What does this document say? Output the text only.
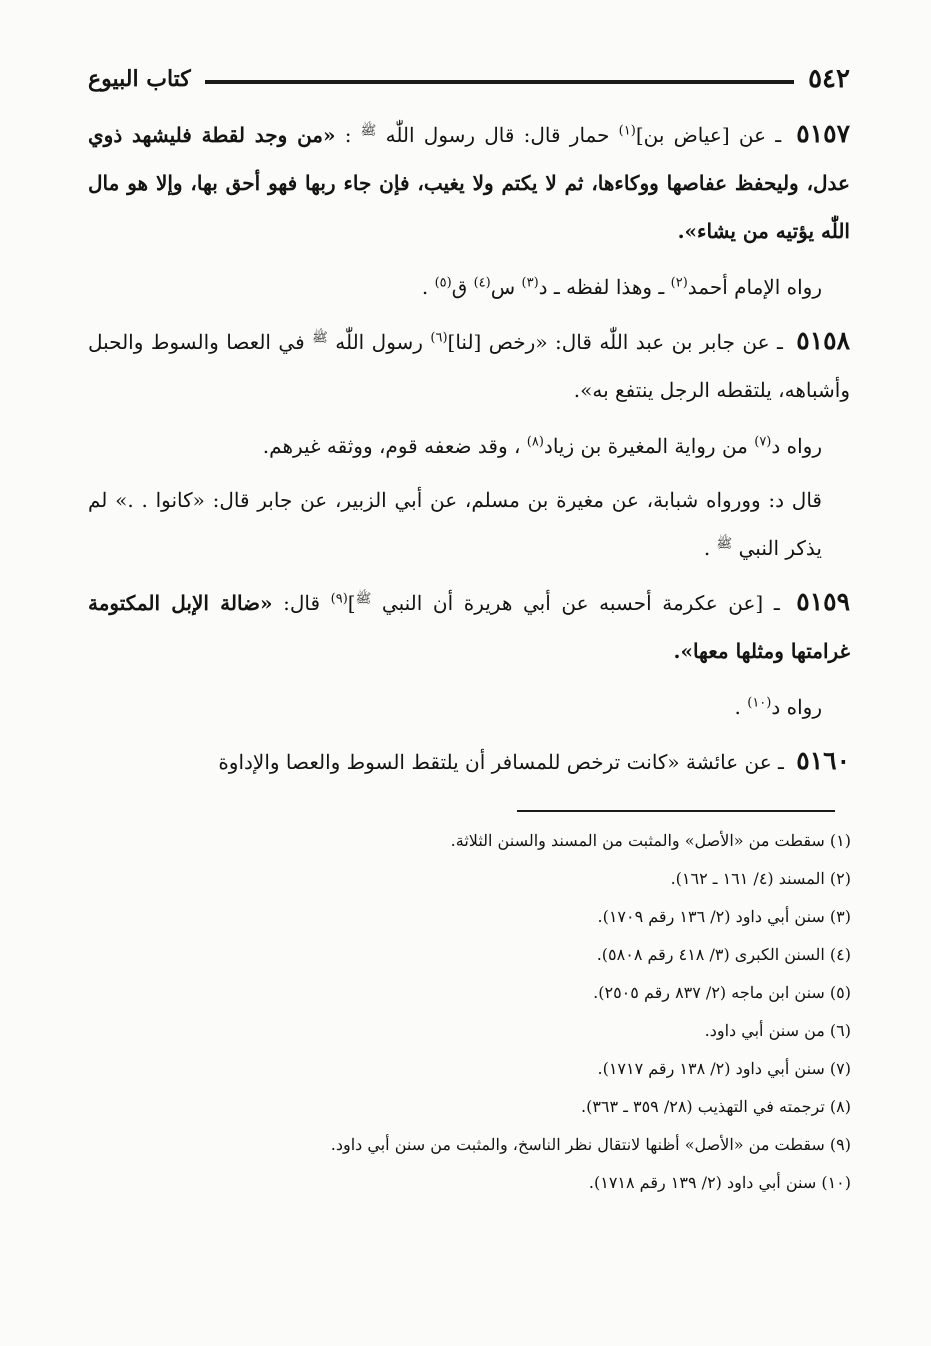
٥٤٢
كتاب البيوع

٥١٥٧ ـ عن [عياض بن]$^{(١)}$ حمار قال: قال رسول اللّٰه $^ﷺ$ : «من وجد لقطة فليشهد ذوي عدل، وليحفظ عفاصها ووكاءها، ثم لا يكتم ولا يغيب، فإن جاء ربها فهو أحق بها، وإلا هو مال اللّٰه يؤتيه من يشاء».

رواه الإمام أحمد$^{(٢)}$ ـ وهذا لفظه ـ د$^{(٣)}$ س$^{(٤)}$ ق$^{(٥)}$ .

٥١٥٨ ـ عن جابر بن عبد اللّٰه قال: «رخص [لنا]$^{(٦)}$ رسول اللّٰه $^ﷺ$ في العصا والسوط والحبل وأشباهه، يلتقطه الرجل ينتفع به».

رواه د$^{(٧)}$ من رواية المغيرة بن زياد$^{(٨)}$ ، وقد ضعفه قوم، ووثقه غيرهم.

قال د: وورواه شبابة، عن مغيرة بن مسلم، عن أبي الزبير، عن جابر قال: «كانوا . .» لم يذكر النبي $^ﷺ$ .

٥١٥٩ ـ [عن عكرمة أحسبه عن أبي هريرة أن النبي $^ﷺ$]$^{(٩)}$ قال: «ضالة الإبل المكتومة غرامتها ومثلها معها».

رواه د$^{(١٠)}$ .

٥١٦٠ ـ عن عائشة «كانت ترخص للمسافر أن يلتقط السوط والعصا والإداوة

(١) سقطت من «الأصل» والمثبت من المسند والسنن الثلاثة.
(٢) المسند (٤/ ١٦١ ـ ١٦٢).
(٣) سنن أبي داود (٢/ ١٣٦ رقم ١٧٠٩).
(٤) السنن الكبرى (٣/ ٤١٨ رقم ٥٨٠٨).
(٥) سنن ابن ماجه (٢/ ٨٣٧ رقم ٢٥٠٥).
(٦) من سنن أبي داود.
(٧) سنن أبي داود (٢/ ١٣٨ رقم ١٧١٧).
(٨) ترجمته في التهذيب (٢٨/ ٣٥٩ ـ ٣٦٣).
(٩) سقطت من «الأصل» أظنها لانتقال نظر الناسخ، والمثبت من سنن أبي داود.
(١٠) سنن أبي داود (٢/ ١٣٩ رقم ١٧١٨).
